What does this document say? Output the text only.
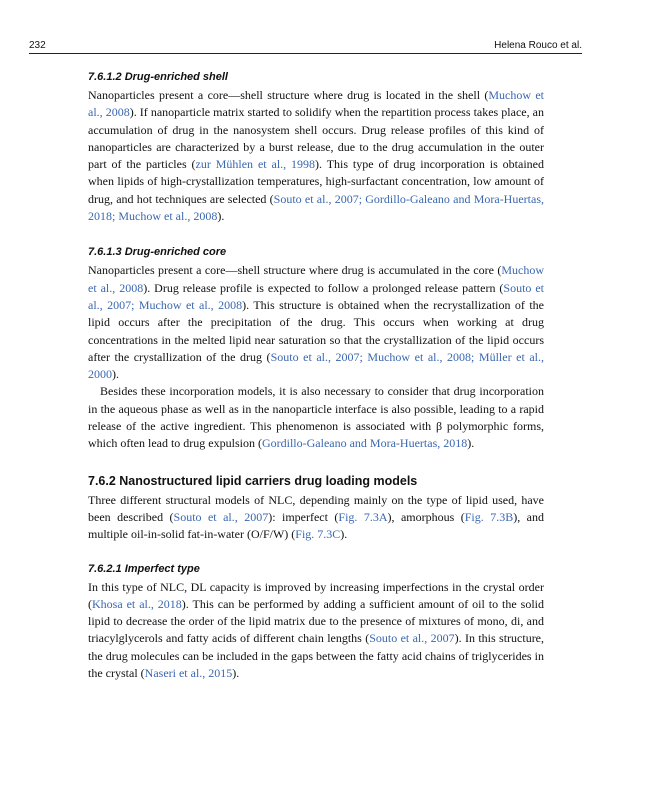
232	Helena Rouco et al.
7.6.1.2 Drug-enriched shell

Nanoparticles present a core—shell structure where drug is located in the shell (Muchow et al., 2008). If nanoparticle matrix started to solidify when the repartition process takes place, an accumulation of drug in the nanosystem shell occurs. Drug release profiles of this kind of nanoparticles are characterized by a burst release, due to the drug accumulation in the outer part of the particles (zur Mühlen et al., 1998). This type of drug incorporation is obtained when lipids of high-crystallization temperatures, high-surfactant concentration, low amount of drug, and hot techniques are selected (Souto et al., 2007; Gordillo-Galeano and Mora-Huertas, 2018; Muchow et al., 2008).

7.6.1.3 Drug-enriched core

Nanoparticles present a core—shell structure where drug is accumulated in the core (Muchow et al., 2008). Drug release profile is expected to follow a prolonged release pattern (Souto et al., 2007; Muchow et al., 2008). This structure is obtained when the recrystallization of the lipid occurs after the precipitation of the drug. This occurs when working at drug concentrations in the melted lipid near saturation so that the crystallization of the lipid occurs after the crystallization of the drug (Souto et al., 2007; Muchow et al., 2008; Müller et al., 2000).

Besides these incorporation models, it is also necessary to consider that drug incorporation in the aqueous phase as well as in the nanoparticle interface is also possible, leading to a rapid release of the active ingredient. This phenomenon is associated with β polymorphic forms, which often lead to drug expulsion (Gordillo-Galeano and Mora-Huertas, 2018).

7.6.2 Nanostructured lipid carriers drug loading models

Three different structural models of NLC, depending mainly on the type of lipid used, have been described (Souto et al., 2007): imperfect (Fig. 7.3A), amorphous (Fig. 7.3B), and multiple oil-in-solid fat-in-water (O/F/W) (Fig. 7.3C).

7.6.2.1 Imperfect type

In this type of NLC, DL capacity is improved by increasing imperfections in the crystal order (Khosa et al., 2018). This can be performed by adding a sufficient amount of oil to the solid lipid to decrease the order of the lipid matrix due to the presence of mixtures of mono, di, and triacylglycerols and fatty acids of different chain lengths (Souto et al., 2007). In this structure, the drug molecules can be included in the gaps between the fatty acid chains of triglycerides in the crystal (Naseri et al., 2015).
